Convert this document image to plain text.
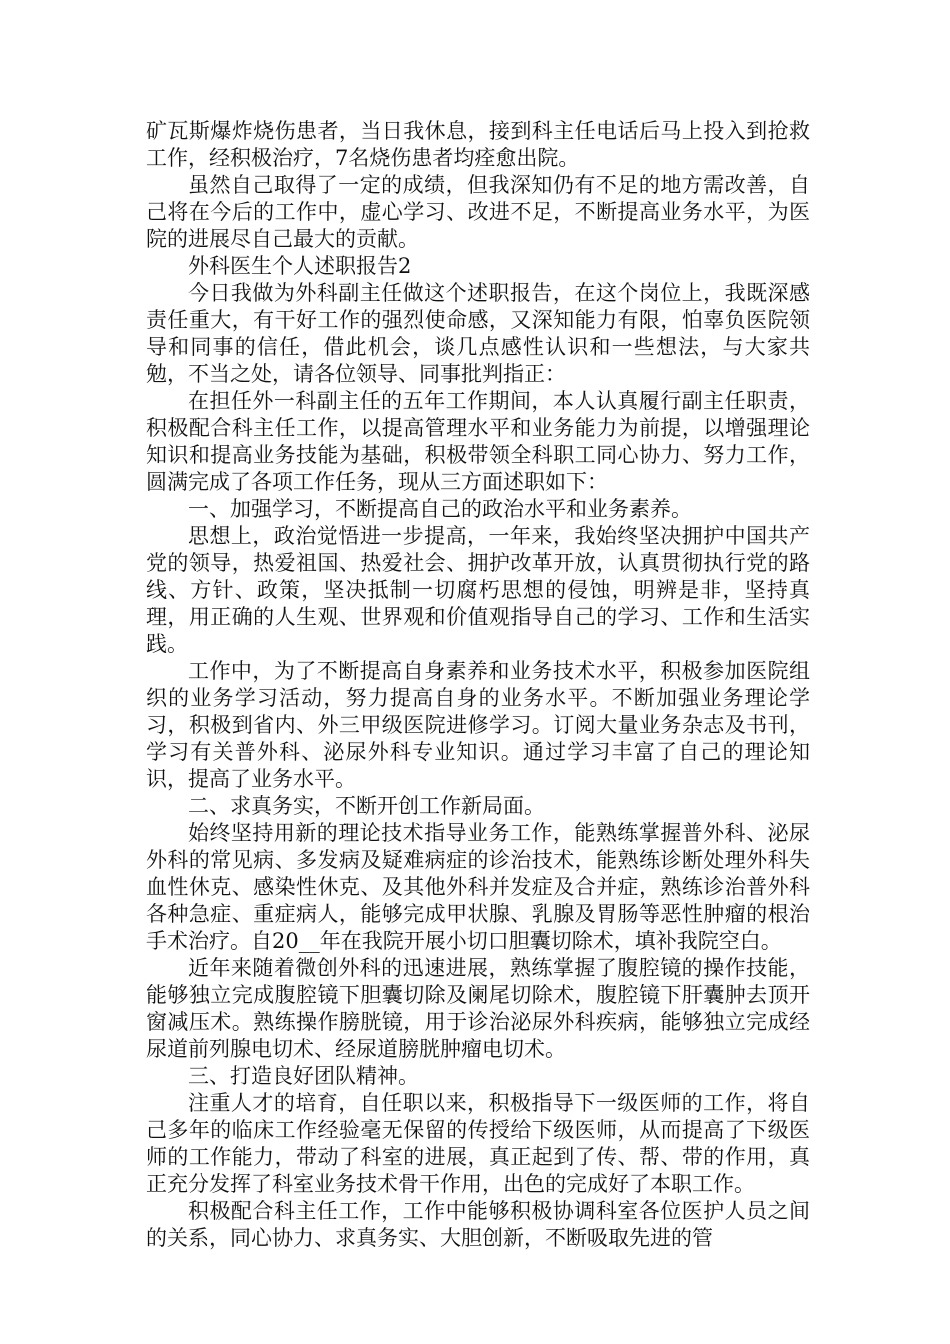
矿瓦斯爆炸烧伤患者，当日我休息，接到科主任电话后马上投入到抢救工作，经积极治疗，7名烧伤患者均痊愈出院。

虽然自己取得了一定的成绩，但我深知仍有不足的地方需改善，自己将在今后的工作中，虚心学习、改进不足，不断提高业务水平，为医院的进展尽自己最大的贡献。

外科医生个人述职报告2

今日我做为外科副主任做这个述职报告，在这个岗位上，我既深感责任重大，有干好工作的强烈使命感，又深知能力有限，怕辜负医院领导和同事的信任，借此机会，谈几点感性认识和一些想法，与大家共勉，不当之处，请各位领导、同事批判指正：

在担任外一科副主任的五年工作期间，本人认真履行副主任职责，积极配合科主任工作，以提高管理水平和业务能力为前提，以增强理论知识和提高业务技能为基础，积极带领全科职工同心协力、努力工作，圆满完成了各项工作任务，现从三方面述职如下：

一、加强学习，不断提高自己的政治水平和业务素养。

思想上，政治觉悟进一步提高，一年来，我始终坚决拥护中国共产党的领导，热爱祖国、热爱社会、拥护改革开放，认真贯彻执行党的路线、方针、政策，坚决抵制一切腐朽思想的侵蚀，明辨是非，坚持真理，用正确的人生观、世界观和价值观指导自己的学习、工作和生活实践。

工作中，为了不断提高自身素养和业务技术水平，积极参加医院组织的业务学习活动，努力提高自身的业务水平。不断加强业务理论学习，积极到省内、外三甲级医院进修学习。订阅大量业务杂志及书刊，学习有关普外科、泌尿外科专业知识。通过学习丰富了自己的理论知识，提高了业务水平。

二、求真务实，不断开创工作新局面。

始终坚持用新的理论技术指导业务工作，能熟练掌握普外科、泌尿外科的常见病、多发病及疑难病症的诊治技术，能熟练诊断处理外科失血性休克、感染性休克、及其他外科并发症及合并症，熟练诊治普外科各种急症、重症病人，能够完成甲状腺、乳腺及胃肠等恶性肿瘤的根治手术治疗。自20__年在我院开展小切口胆囊切除术，填补我院空白。

近年来随着微创外科的迅速进展，熟练掌握了腹腔镜的操作技能，能够独立完成腹腔镜下胆囊切除及阑尾切除术，腹腔镜下肝囊肿去顶开窗减压术。熟练操作膀胱镜，用于诊治泌尿外科疾病，能够独立完成经尿道前列腺电切术、经尿道膀胱肿瘤电切术。

三、打造良好团队精神。

注重人才的培育，自任职以来，积极指导下一级医师的工作，将自己多年的临床工作经验毫无保留的传授给下级医师，从而提高了下级医师的工作能力，带动了科室的进展，真正起到了传、帮、带的作用，真正充分发挥了科室业务技术骨干作用，出色的完成好了本职工作。

积极配合科主任工作，工作中能够积极协调科室各位医护人员之间的关系，同心协力、求真务实、大胆创新，不断吸取先进的管
